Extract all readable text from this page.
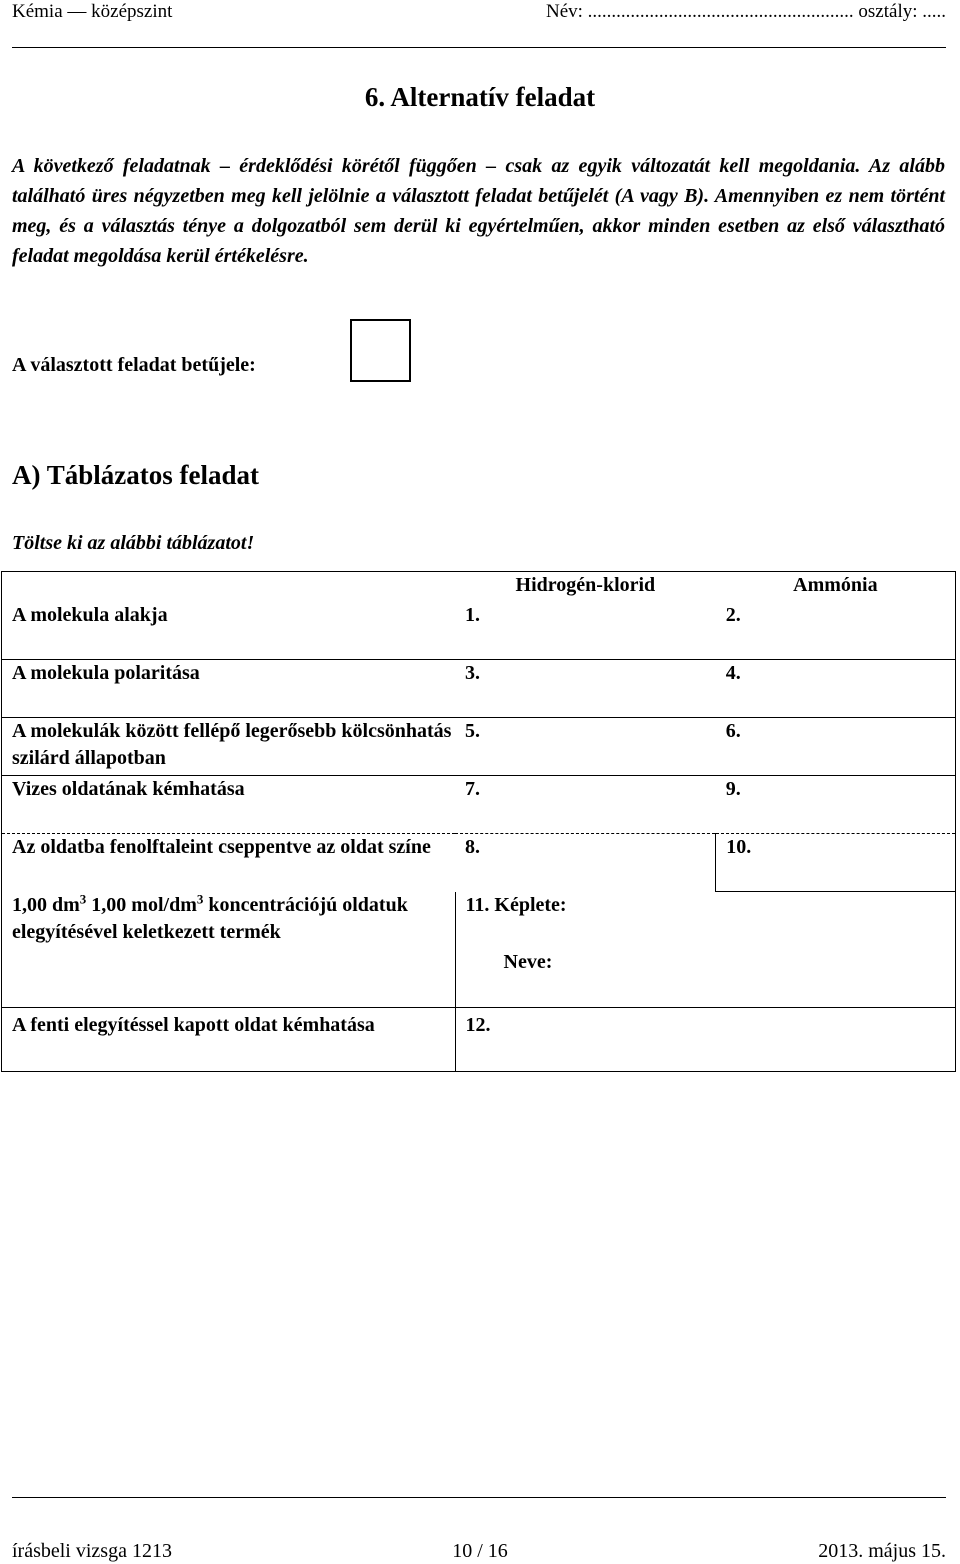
Kémia — középszint	Név: ........................................................ osztály: .....
6. Alternatív feladat
A következő feladatnak – érdeklődési körétől függően – csak az egyik változatát kell megoldania. Az alább található üres négyzetben meg kell jelölnie a választott feladat betűjelét (A vagy B). Amennyiben ez nem történt meg, és a választás ténye a dolgozatból sem derül ki egyértelműen, akkor minden esetben az első választható feladat megoldása kerül értékelésre.
A választott feladat betűjele:
A) Táblázatos feladat
Töltse ki az alábbi táblázatot!
	Hidrogén-klorid	Ammónia
A molekula alakja	1.	2.
A molekula polaritása	3.	4.
A molekulák között fellépő legerősebb kölcsönhatás szilárd állapotban	5.	6.
Vizes oldatának kémhatása	7.	9.
Az oldatba fenolftaleint cseppentve az oldat színe	8.	10.
1,00 $dm^3$ 1,00 mol/$dm^3$ koncentrációjú oldatuk elegyítésével keletkezett termék	11. Képlete:
Neve:	

A fenti elegyítéssel kapott oldat kémhatása	12.	
írásbeli vizsga 1213	10 / 16	2013. május 15.
